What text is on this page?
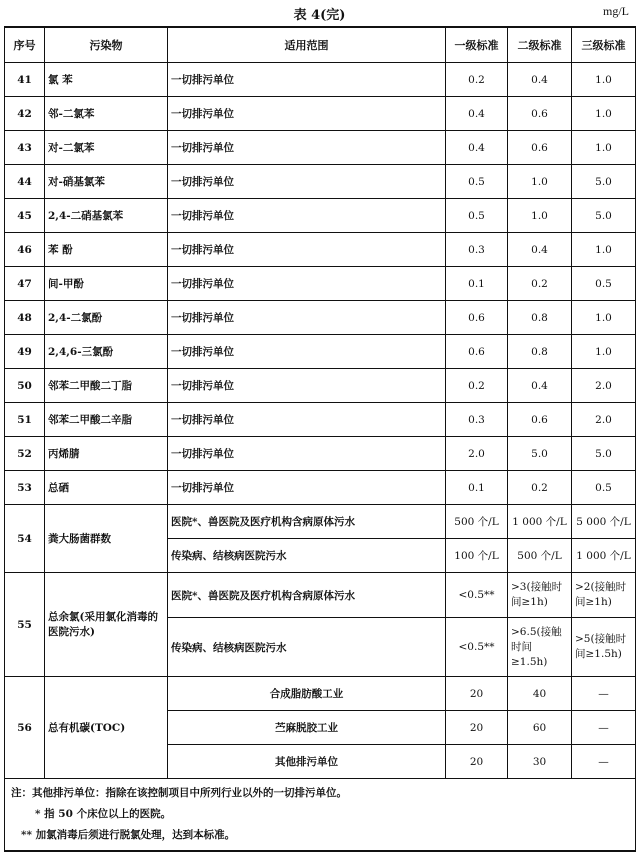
表 4(完)	mg/L
序号	污染物	适用范围	一级标准	二级标准	三级标准
41	氯 苯	一切排污单位	0.2	0.4	1.0
42	邻-二氯苯	一切排污单位	0.4	0.6	1.0
43	对-二氯苯	一切排污单位	0.4	0.6	1.0
44	对-硝基氯苯	一切排污单位	0.5	1.0	5.0
45	2,4-二硝基氯苯	一切排污单位	0.5	1.0	5.0
46	苯 酚	一切排污单位	0.3	0.4	1.0
47	间-甲酚	一切排污单位	0.1	0.2	0.5
48	2,4-二氯酚	一切排污单位	0.6	0.8	1.0
49	2,4,6-三氯酚	一切排污单位	0.6	0.8	1.0
50	邻苯二甲酸二丁脂	一切排污单位	0.2	0.4	2.0
51	邻苯二甲酸二辛脂	一切排污单位	0.3	0.6	2.0
52	丙烯腈	一切排污单位	2.0	5.0	5.0
53	总硒	一切排污单位	0.1	0.2	0.5
54	粪大肠菌群数	医院*、兽医院及医疗机构含病原体污水	500 个/L	1 000 个/L	5 000 个/L
		传染病、结核病医院污水	100 个/L	500 个/L	1 000 个/L
55	总余氯(采用氯化消毒的医院污水)	医院*、兽医院及医疗机构含病原体污水	<0.5**	>3(接触时间≥1h)	>2(接触时间≥1h)
		传染病、结核病医院污水	<0.5**	>6.5(接触时间≥1.5h)	>5(接触时间≥1.5h)
56	总有机碳(TOC)	合成脂肪酸工业	20	40	—
		苎麻脱胶工业	20	60	—
		其他排污单位	20	30	—

注：其他排污单位：指除在该控制项目中所列行业以外的一切排污单位。
* 指 50 个床位以上的医院。
** 加氯消毒后须进行脱氯处理，达到本标准。					
